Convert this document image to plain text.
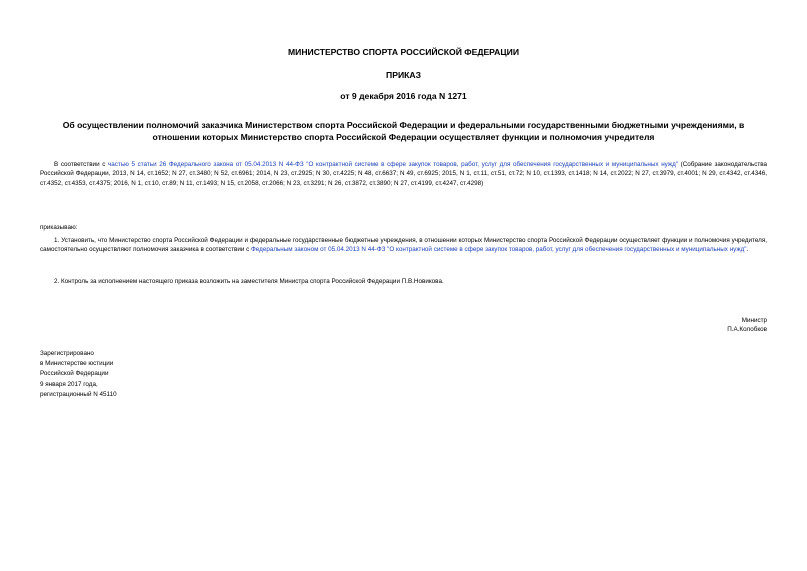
МИНИСТЕРСТВО СПОРТА РОССИЙСКОЙ ФЕДЕРАЦИИ
ПРИКАЗ
от 9 декабря 2016 года N 1271
Об осуществлении полномочий заказчика Министерством спорта Российской Федерации и федеральными государственными бюджетными учреждениями, в отношении которых Министерство спорта Российской Федерации осуществляет функции и полномочия учредителя
В соответствии с частью 5 статьи 26 Федерального закона от 05.04.2013 N 44-ФЗ "О контрактной системе в сфере закупок товаров, работ, услуг для обеспечения государственных и муниципальных нужд" (Собрание законодательства Российской Федерации, 2013, N 14, ст.1652; N 27, ст.3480; N 52, ст.6961; 2014, N 23, ст.2925; N 30, ст.4225; N 48, ст.6637; N 49, ст.6925; 2015, N 1, ст.11, ст.51, ст.72; N 10, ст.1393, ст.1418; N 14, ст.2022; N 27, ст.3979, ст.4001; N 29, ст.4342, ст.4346, ст.4352, ст.4353, ст.4375; 2016, N 1, ст.10, ст.89; N 11, ст.1493; N 15, ст.2058, ст.2066; N 23, ст.3291; N 26, ст.3872, ст.3890; N 27, ст.4199, ст.4247, ст.4298)
приказываю:
1. Установить, что Министерство спорта Российской Федерации и федеральные государственные бюджетные учреждения, в отношении которых Министерство спорта Российской Федерации осуществляет функции и полномочия учредителя, самостоятельно осуществляют полномочия заказчика в соответствии с Федеральным законом от 05.04.2013 N 44-ФЗ "О контрактной системе в сфере закупок товаров, работ, услуг для обеспечения государственных и муниципальных нужд".
2. Контроль за исполнением настоящего приказа возложить на заместителя Министра спорта Российской Федерации П.В.Новикова.
Министр
П.А.Колобков
Зарегистрировано
в Министерстве юстиции
Российской Федерации
9 января 2017 года,
регистрационный N 45110
